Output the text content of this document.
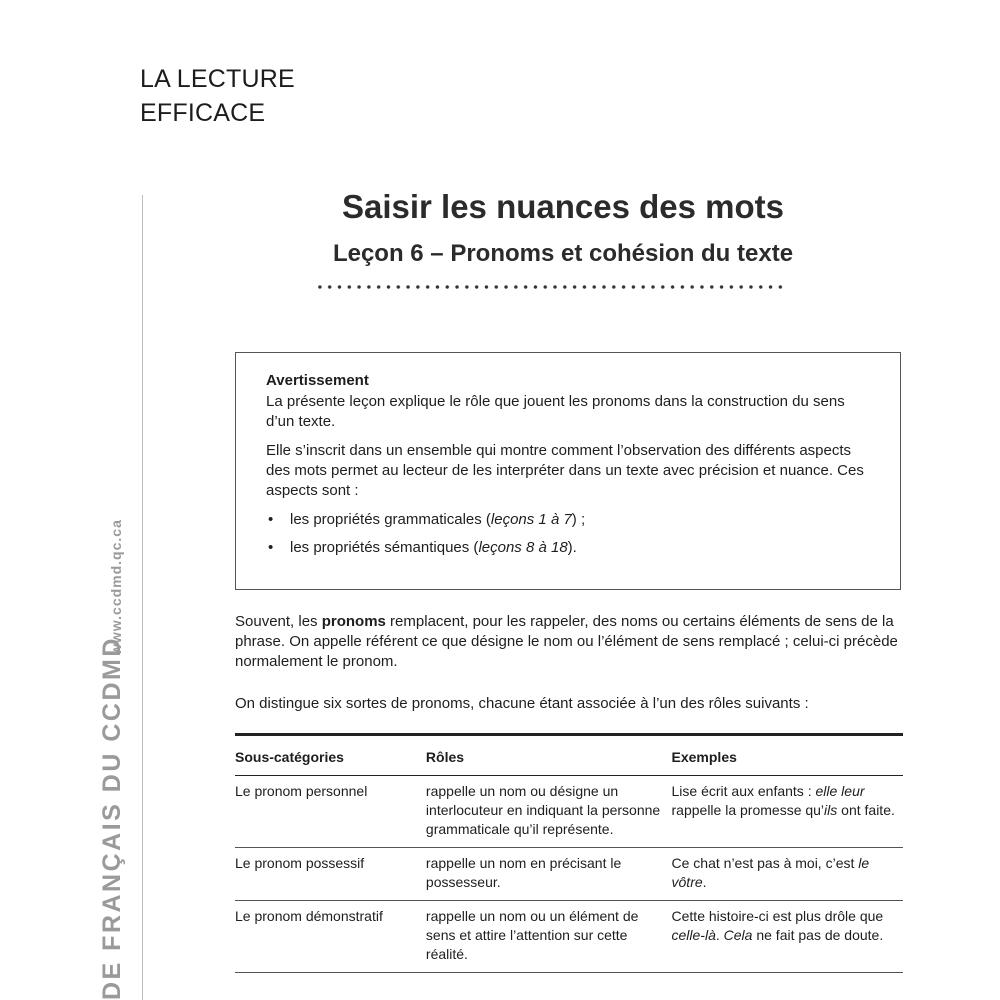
LA LECTURE
EFFICACE
DE FRANÇAIS DU CCDMD
www.ccdmd.qc.ca
Saisir les nuances des mots
Leçon 6 – Pronoms et cohésion du texte
Avertissement

La présente leçon explique le rôle que jouent les pronoms dans la construction du sens d’un texte.

Elle s’inscrit dans un ensemble qui montre comment l’observation des différents aspects des mots permet au lecteur de les interpréter dans un texte avec précision et nuance. Ces aspects sont :

• les propriétés grammaticales (leçons 1 à 7) ;
• les propriétés sémantiques (leçons 8 à 18).

Souvent, les pronoms remplacent, pour les rappeler, des noms ou certains éléments de sens de la phrase. On appelle référent ce que désigne le nom ou l’élément de sens remplacé ; celui-ci précède normalement le pronom.

On distingue six sortes de pronoms, chacune étant associée à l’un des rôles suivants :

Sous-catégories	Rôles	Exemples
Le pronom personnel	rappelle un nom ou désigne un interlocuteur en indiquant la personne grammaticale qu’il représente.	Lise écrit aux enfants : elle leur rappelle la promesse qu’ils ont faite.
Le pronom possessif	rappelle un nom en précisant le possesseur.	Ce chat n’est pas à moi, c’est le vôtre.
Le pronom démonstratif	rappelle un nom ou un élément de sens et attire l’attention sur cette réalité.	Cette histoire-ci est plus drôle que celle-là. Cela ne fait pas de doute.
